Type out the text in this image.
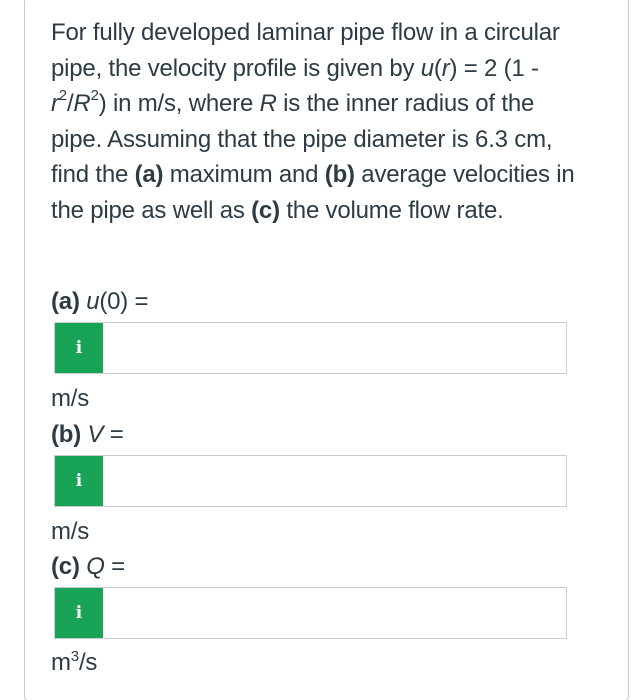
For fully developed laminar pipe flow in a circular pipe, the velocity profile is given by u(r) = 2 $(1 - r^2/R^2)$ in m/s, where R is the inner radius of the pipe. Assuming that the pipe diameter is 6.3 cm, find the (a) maximum and (b) average velocities in the pipe as well as (c) the volume flow rate.

(a) u(0) =
i
m/s
(b) V =
i
m/s
(c) Q =
i
$m^3/s$
